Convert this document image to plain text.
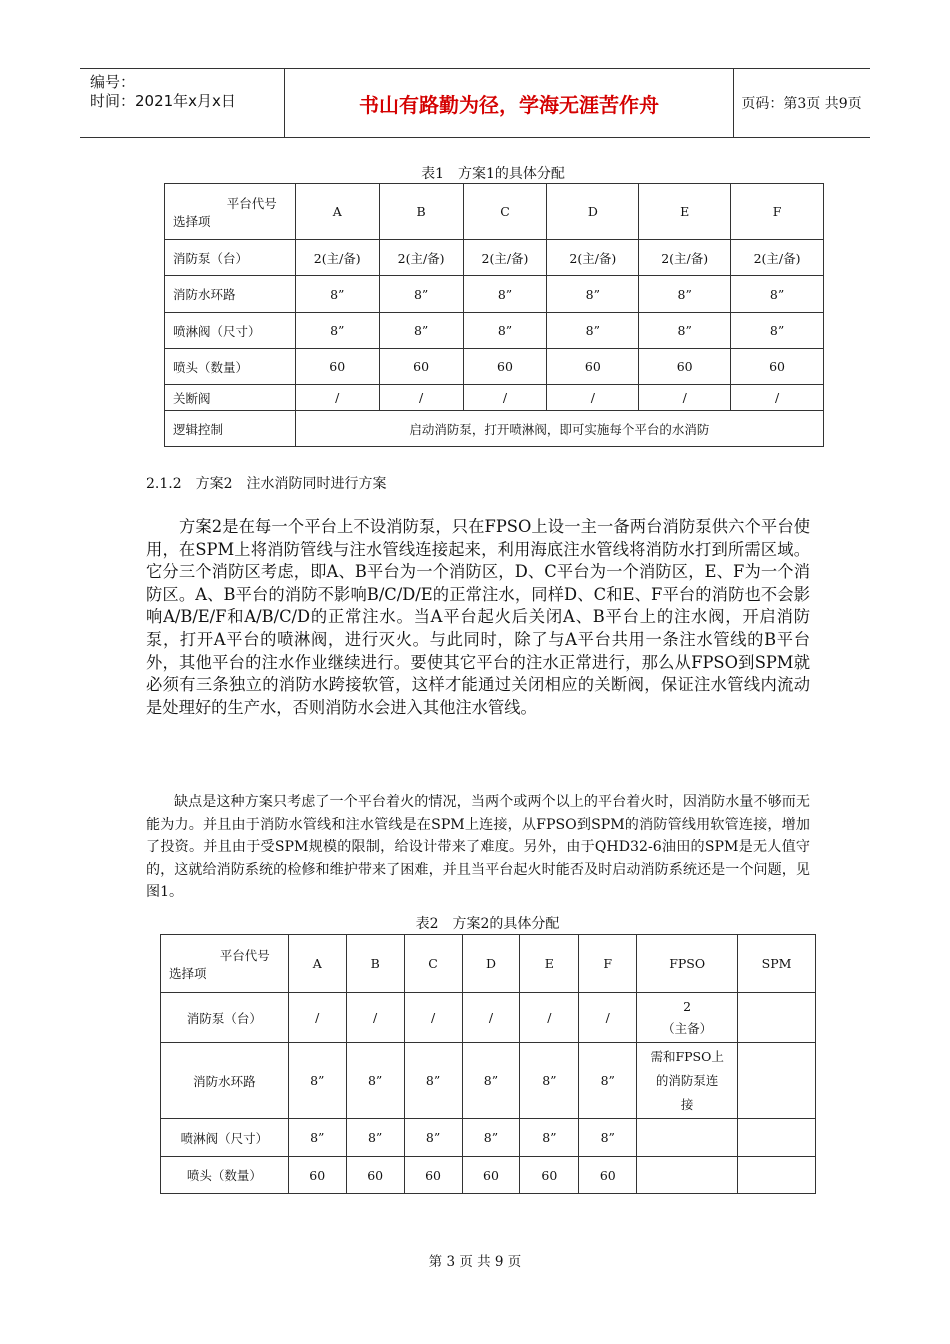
编号：
时间：2021年x月x日	书山有路勤为径，学海无涯苦作舟	页码：第3页 共9页
表1　方案1的具体分配
平台代号
选择项	A	B	C	D	E	F
消防泵（台）	2(主/备)	2(主/备)	2(主/备)	2(主/备)	2(主/备)	2(主/备)
消防水环路	8”	8”	8”	8”	8”	8”
喷淋阀（尺寸）	8”	8”	8”	8”	8”	8”
喷头（数量）	60	60	60	60	60	60
关断阀	/	/	/	/	/	/
逻辑控制	启动消防泵，打开喷淋阀，即可实施每个平台的水消防					
2.1.2　方案2　注水消防同时进行方案
方案2是在每一个平台上不设消防泵，只在FPSO上设一主一备两台消防泵供六个平台使用，在SPM上将消防管线与注水管线连接起来，利用海底注水管线将消防水打到所需区域。它分三个消防区考虑，即A、B平台为一个消防区，D、C平台为一个消防区，E、F为一个消防区。A、B平台的消防不影响B/C/D/E的正常注水，同样D、C和E、F平台的消防也不会影响A/B/E/F和A/B/C/D的正常注水。当A平台起火后关闭A、B平台上的注水阀，开启消防泵，打开A平台的喷淋阀，进行灭火。与此同时，除了与A平台共用一条注水管线的B平台外，其他平台的注水作业继续进行。要使其它平台的注水正常进行，那么从FPSO到SPM就必须有三条独立的消防水跨接软管，这样才能通过关闭相应的关断阀，保证注水管线内流动是处理好的生产水，否则消防水会进入其他注水管线。
缺点是这种方案只考虑了一个平台着火的情况，当两个或两个以上的平台着火时，因消防水量不够而无能为力。并且由于消防水管线和注水管线是在SPM上连接，从FPSO到SPM的消防管线用软管连接，增加了投资。并且由于受SPM规模的限制，给设计带来了难度。另外，由于QHD32-6油田的SPM是无人值守的，这就给消防系统的检修和维护带来了困难，并且当平台起火时能否及时启动消防系统还是一个问题，见图1。
表2　方案2的具体分配
平台代号
选择项	A	B	C	D	E	F	FPSO	SPM
消防泵（台）	/	/	/	/	/	/	2
（主备）	
消防水环路	8”	8”	8”	8”	8”	8”	需和FPSO上
的消防泵连
接	
喷淋阀（尺寸）	8”	8”	8”	8”	8”	8”		
喷头（数量）	60	60	60	60	60	60		
第 3 页 共 9 页
